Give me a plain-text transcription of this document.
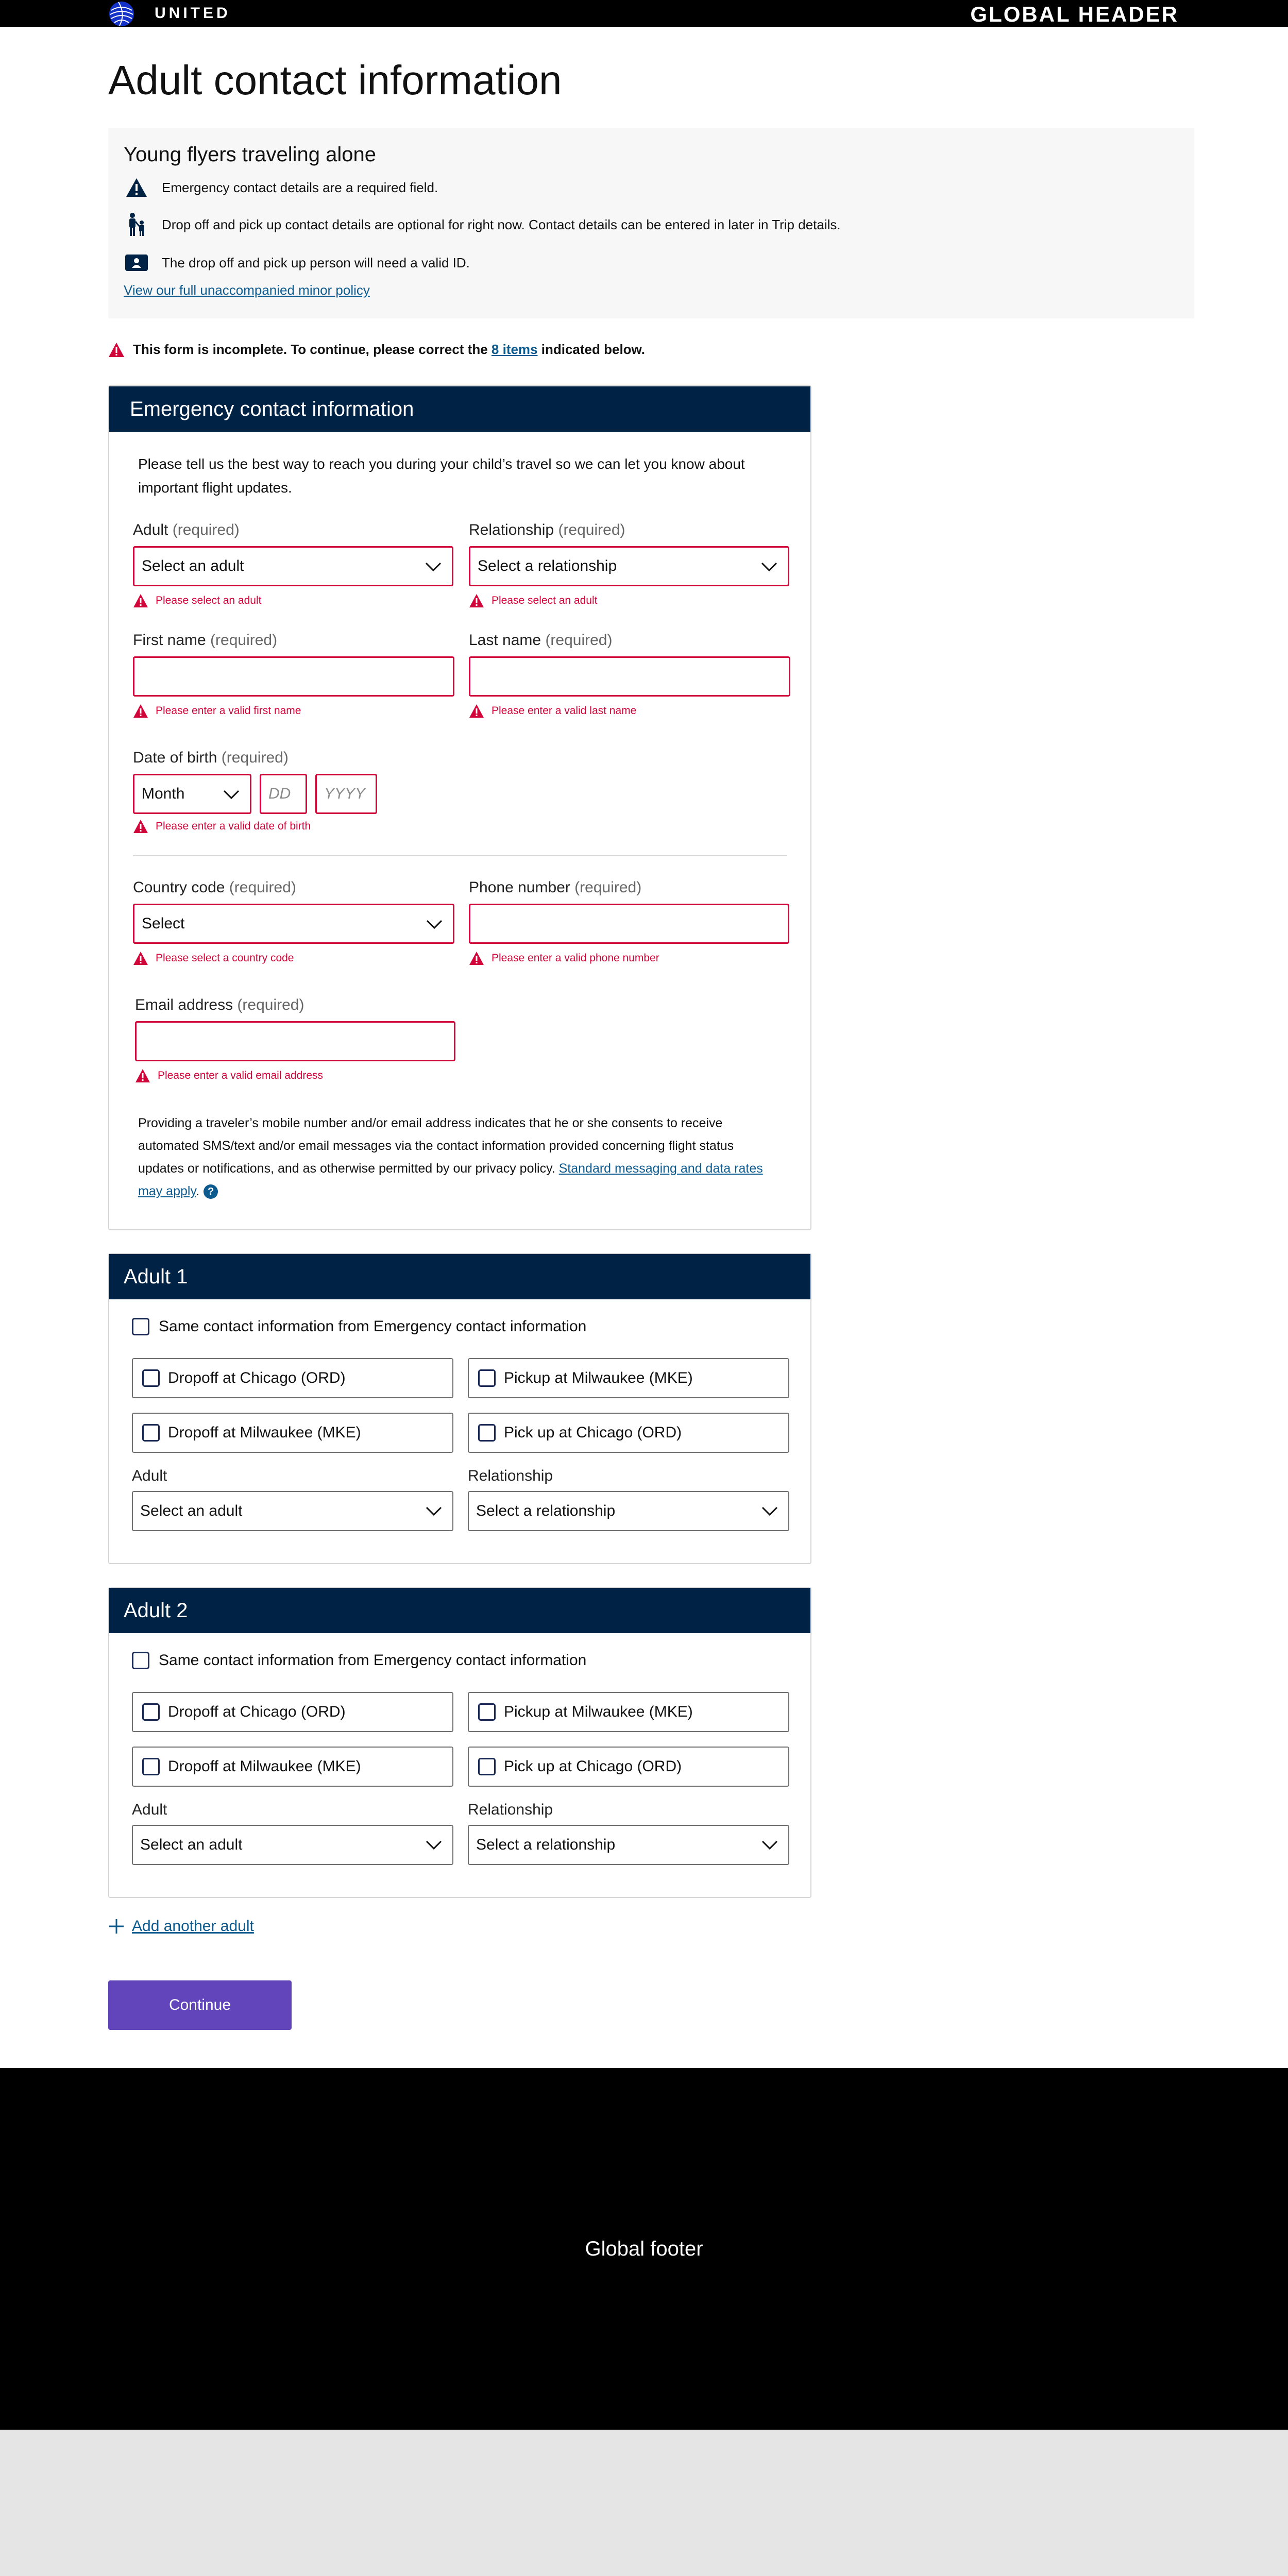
UNITED	GLOBAL HEADER
Adult contact information
Young flyers traveling alone
Emergency contact details are a required field.
Drop off and pick up contact details are optional for right now. Contact details can be entered in later in Trip details.
The drop off and pick up person will need a valid ID.
View our full unaccompanied minor policy
This form is incomplete. To continue, please correct the
8 items
indicated below.
Emergency contact information
Please tell us the best way to reach you during your child’s travel so we can let you know about important flight updates.
Adult (required)
Select an adult
Please select an adult
Relationship (required)
Select a relationship
Please select an adult
First name (required)
Please enter a valid first name
Last name (required)
Please enter a valid last name
Date of birth (required)
Month	DD YYYY
Please enter a valid date of birth
Country code (required)
Select
Please select a country code
Phone number (required)
Please enter a valid phone number
Email address (required)
Please enter a valid email address
Providing a traveler’s mobile number and/or email address indicates that he or she consents to receive automated SMS/text and/or email messages via the contact information provided concerning flight status updates or notifications, and as otherwise permitted by our privacy policy. Standard messaging and data rates may apply. ?
Adult 1
Same contact information from Emergency contact information
Dropoff at Chicago (ORD)	Pickup at Milwaukee (MKE)
Dropoff at Milwaukee (MKE)	Pick up at Chicago (ORD)
Adult
Select an adult
Relationship
Select a relationship
Adult 2
Same contact information from Emergency contact information
Dropoff at Chicago (ORD)	Pickup at Milwaukee (MKE)
Dropoff at Milwaukee (MKE)	Pick up at Chicago (ORD)
Adult
Select an adult
Relationship
Select a relationship
Add another adult
Continue
Global footer
